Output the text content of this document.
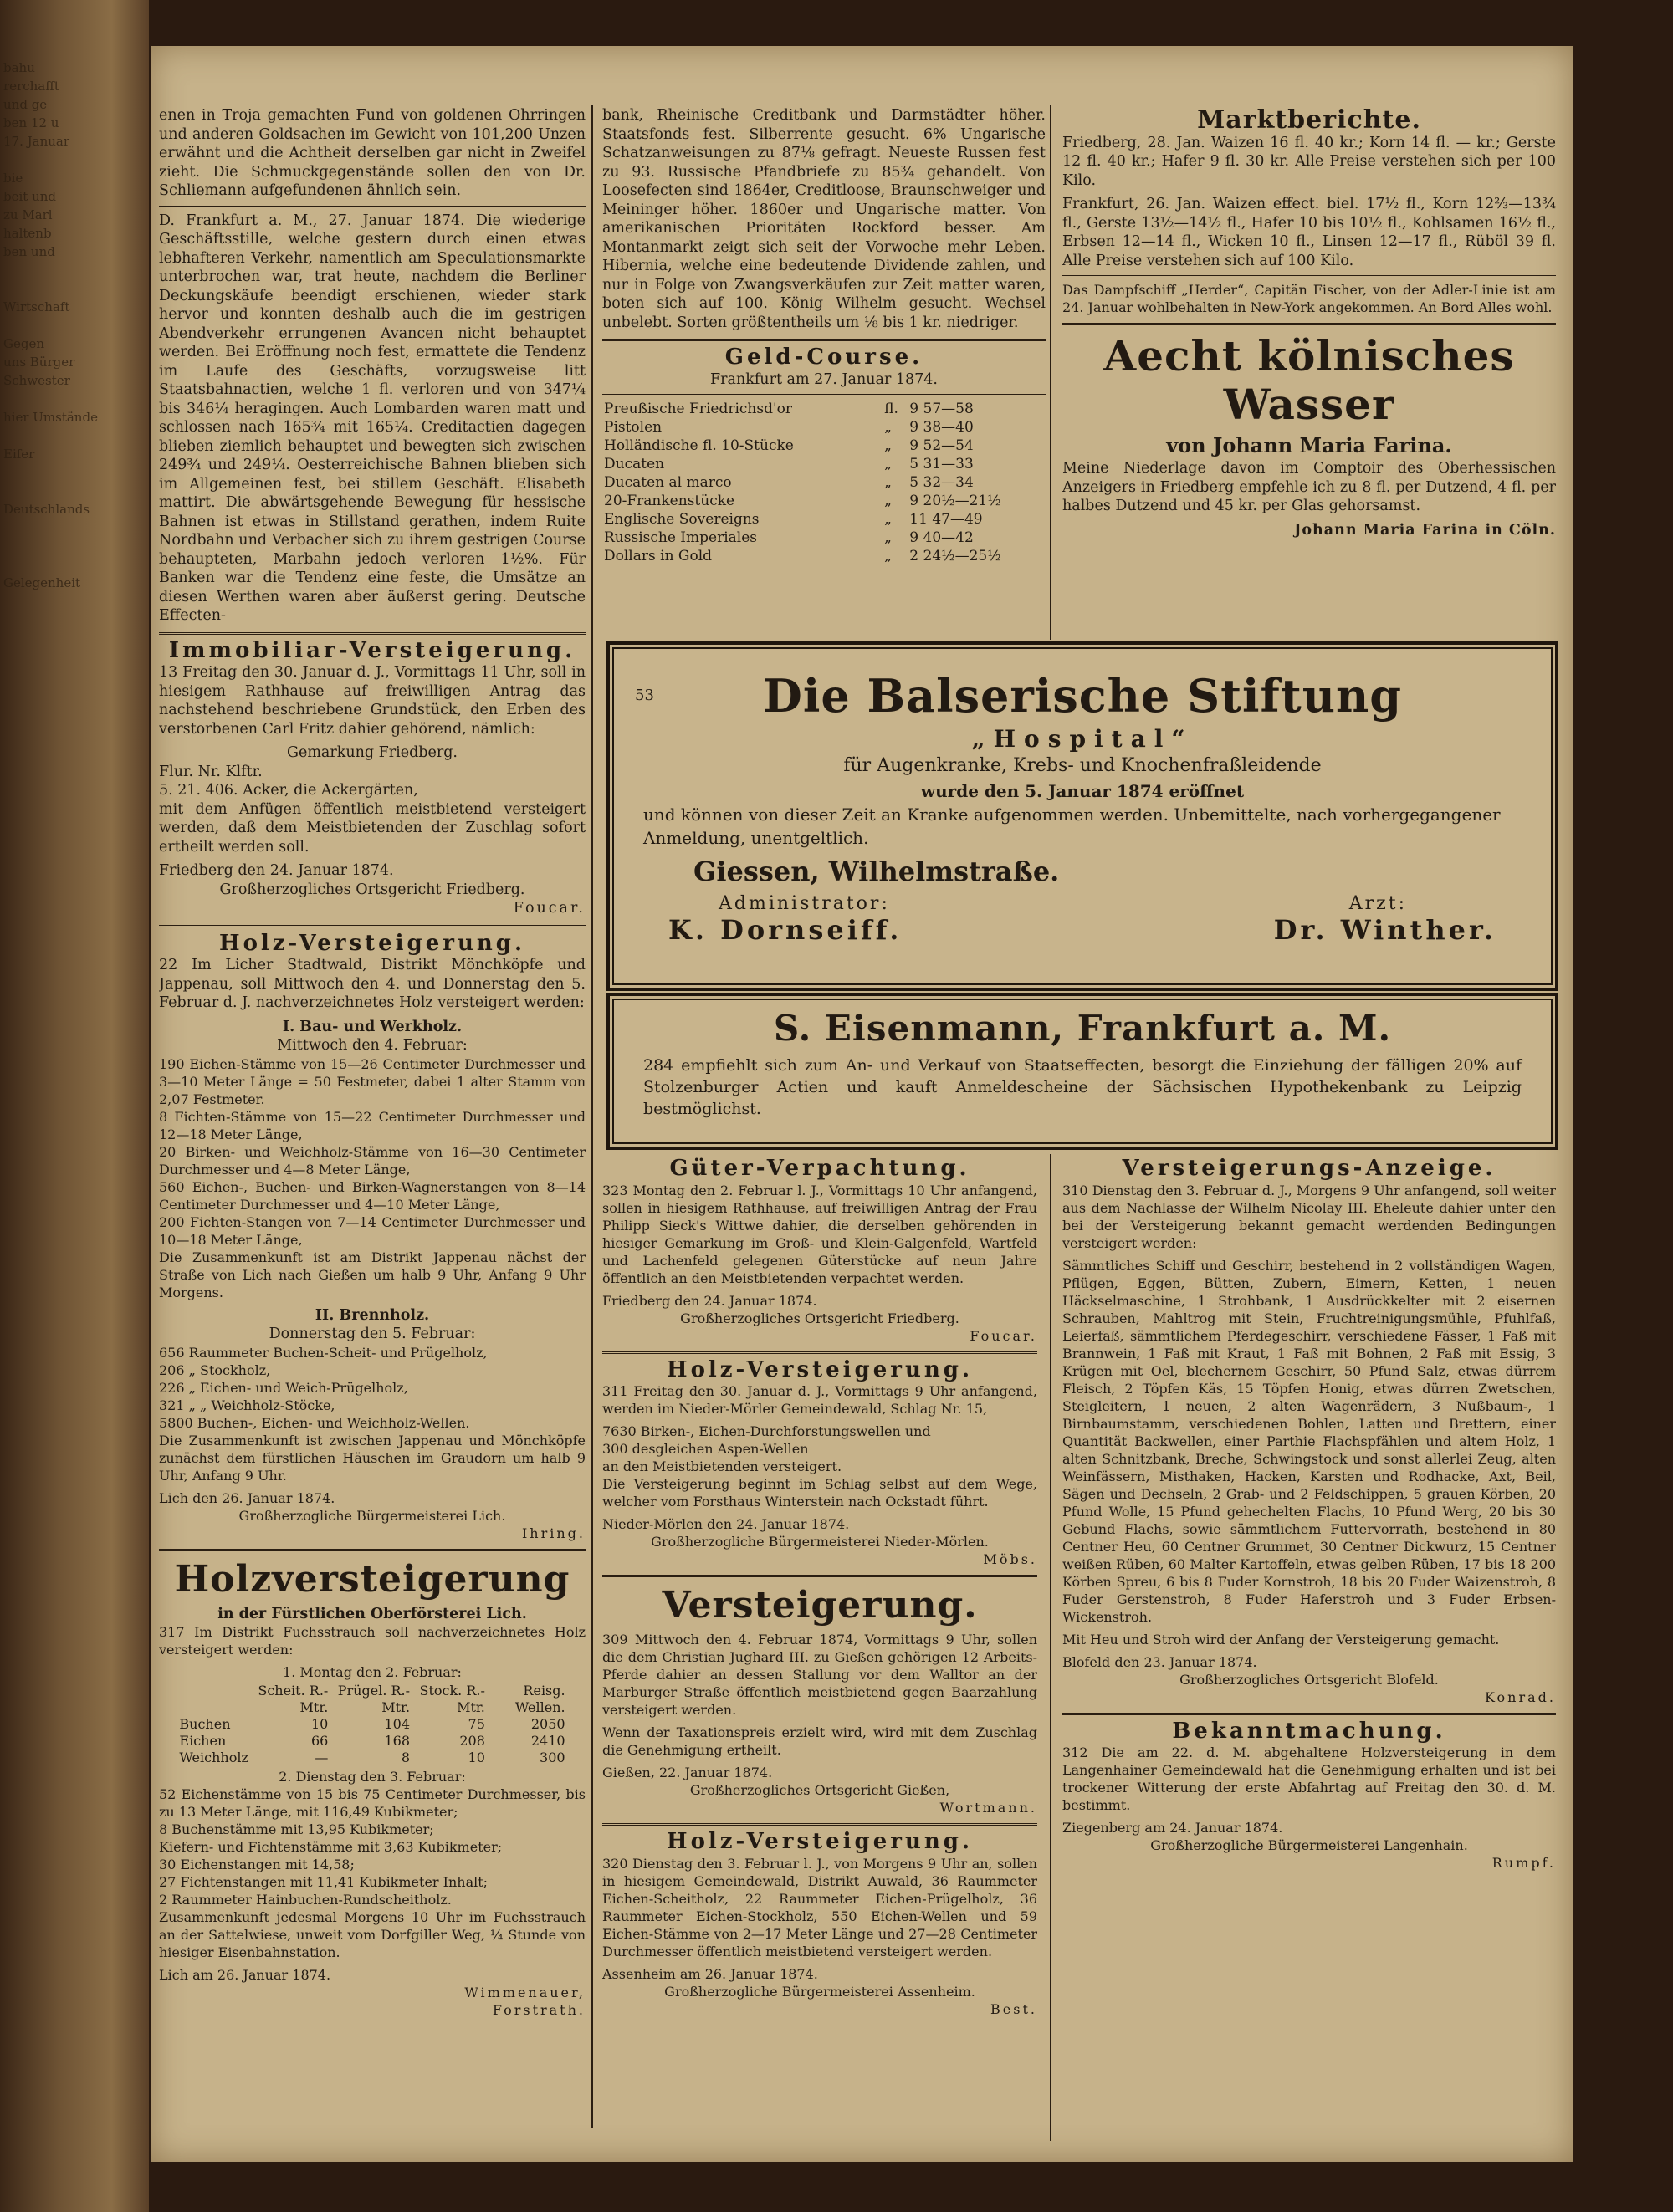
bahu
rerchafft
und ge
ben 12 u
17. Januar

bie
beit und
zu Marl
haltenb
ben und

Wirtschaft

Gegen
uns Bürger
Schwester

hier Umstände

Eifer

Deutschlands

Gelegenheit

enen in Troja gemachten Fund von goldenen Ohrringen und anderen Goldsachen im Gewicht von 101,200 Unzen erwähnt und die Achtheit derselben gar nicht in Zweifel zieht. Die Schmuckgegenstände sollen den von Dr. Schliemann aufgefundenen ähnlich sein.

D. Frankfurt a. M., 27. Januar 1874. Die wiederige Geschäftsstille, welche gestern durch einen etwas lebhafteren Verkehr, namentlich am Speculationsmarkte unterbrochen war, trat heute, nachdem die Berliner Deckungskäufe beendigt erschienen, wieder stark hervor und konnten deshalb auch die im gestrigen Abendverkehr errungenen Avancen nicht behauptet werden. Bei Eröffnung noch fest, ermattete die Tendenz im Laufe des Geschäfts, vorzugsweise litt Staatsbahnactien, welche 1 fl. verloren und von 347¼ bis 346¼ heragingen. Auch Lombarden waren matt und schlossen nach 165¾ mit 165¼. Creditactien dagegen blieben ziemlich behauptet und bewegten sich zwischen 249¾ und 249¼. Oesterreichische Bahnen blieben sich im Allgemeinen fest, bei stillem Geschäft. Elisabeth mattirt. Die abwärtsgehende Bewegung für hessische Bahnen ist etwas in Stillstand gerathen, indem Ruite Nordbahn und Verbacher sich zu ihrem gestrigen Course behaupteten, Marbahn jedoch verloren 1½%. Für Banken war die Tendenz eine feste, die Umsätze an diesen Werthen waren aber äußerst gering. Deutsche Effecten-

Immobiliar-Versteigerung.

13 Freitag den 30. Januar d. J., Vormittags 11 Uhr, soll in hiesigem Rathhause auf freiwilligen Antrag das nachstehend beschriebene Grundstück, den Erben des verstorbenen Carl Fritz dahier gehörend, nämlich:

Gemarkung Friedberg.
Flur. Nr. Klftr.
5. 21. 406. Acker, die Ackergärten,

mit dem Anfügen öffentlich meistbietend versteigert werden, daß dem Meistbietenden der Zuschlag sofort ertheilt werden soll.

Friedberg den 24. Januar 1874.
Großherzogliches Ortsgericht Friedberg.
Foucar.
Holz-Versteigerung.

22 Im Licher Stadtwald, Distrikt Mönchköpfe und Jappenau, soll Mittwoch den 4. und Donnerstag den 5. Februar d. J. nachverzeichnetes Holz versteigert werden:

I. Bau- und Werkholz.
Mittwoch den 4. Februar:
190 Eichen-Stämme von 15—26 Centimeter Durchmesser und 3—10 Meter Länge = 50 Festmeter, dabei 1 alter Stamm von 2,07 Festmeter.
8 Fichten-Stämme von 15—22 Centimeter Durchmesser und 12—18 Meter Länge,
20 Birken- und Weichholz-Stämme von 16—30 Centimeter Durchmesser und 4—8 Meter Länge,
560 Eichen-, Buchen- und Birken-Wagnerstangen von 8—14 Centimeter Durchmesser und 4—10 Meter Länge,
200 Fichten-Stangen von 7—14 Centimeter Durchmesser und 10—18 Meter Länge,

Die Zusammenkunft ist am Distrikt Jappenau nächst der Straße von Lich nach Gießen um halb 9 Uhr, Anfang 9 Uhr Morgens.

II. Brennholz.
Donnerstag den 5. Februar:
656 Raummeter Buchen-Scheit- und Prügelholz,
206 „ Stockholz,
226 „ Eichen- und Weich-Prügelholz,
321 „ „ Weichholz-Stöcke,
5800 Buchen-, Eichen- und Weichholz-Wellen.

Die Zusammenkunft ist zwischen Jappenau und Mönchköpfe zunächst dem fürstlichen Häuschen im Graudorn um halb 9 Uhr, Anfang 9 Uhr.

Lich den 26. Januar 1874.
Großherzogliche Bürgermeisterei Lich.
Ihring.
Holzversteigerung
in der Fürstlichen Oberförsterei Lich.

317 Im Distrikt Fuchsstrauch soll nachverzeichnetes Holz versteigert werden:

1. Montag den 2. Februar:
	Scheit. R.-Mtr.	Prügel. R.-Mtr.	Stock. R.-Mtr.	Reisg. Wellen.
Buchen	10	104	75	2050
Eichen	66	168	208	2410
Weichholz	—	8	10	300
2. Dienstag den 3. Februar:
52 Eichenstämme von 15 bis 75 Centimeter Durchmesser, bis zu 13 Meter Länge, mit 116,49 Kubikmeter;
8 Buchenstämme mit 13,95 Kubikmeter;
Kiefern- und Fichtenstämme mit 3,63 Kubikmeter;
30 Eichenstangen mit 14,58;
27 Fichtenstangen mit 11,41 Kubikmeter Inhalt;
2 Raummeter Hainbuchen-Rundscheitholz.

Zusammenkunft jedesmal Morgens 10 Uhr im Fuchsstrauch an der Sattelwiese, unweit vom Dorfgiller Weg, ¼ Stunde von hiesiger Eisenbahnstation.

Lich am 26. Januar 1874.
Wimmenauer,
Forstrath.

bank, Rheinische Creditbank und Darmstädter höher. Staatsfonds fest. Silberrente gesucht. 6% Ungarische Schatzanweisungen zu 87⅛ gefragt. Neueste Russen fest zu 93. Russische Pfandbriefe zu 85¾ gehandelt. Von Loosefecten sind 1864er, Creditloose, Braunschweiger und Meininger höher. 1860er und Ungarische matter. Von amerikanischen Prioritäten Rockford besser. Am Montanmarkt zeigt sich seit der Vorwoche mehr Leben. Hibernia, welche eine bedeutende Dividende zahlen, und nur in Folge von Zwangsverkäufen zur Zeit matter waren, boten sich auf 100. König Wilhelm gesucht. Wechsel unbelebt. Sorten größtentheils um ⅛ bis 1 kr. niedriger.

Geld-Course.
Frankfurt am 27. Januar 1874.
Preußische Friedrichsd'or	fl.	9 57—58
Pistolen	„	9 38—40
Holländische fl. 10-Stücke	„	9 52—54
Ducaten	„	5 31—33
Ducaten al marco	„	5 32—34
20-Frankenstücke	„	9 20½—21½
Englische Sovereigns	„	11 47—49
Russische Imperiales	„	9 40—42
Dollars in Gold	„	2 24½—25½
Marktberichte.

Friedberg, 28. Jan. Waizen 16 fl. 40 kr.; Korn 14 fl. — kr.; Gerste 12 fl. 40 kr.; Hafer 9 fl. 30 kr. Alle Preise verstehen sich per 100 Kilo.

Frankfurt, 26. Jan. Waizen effect. biel. 17½ fl., Korn 12⅔—13¾ fl., Gerste 13½—14½ fl., Hafer 10 bis 10½ fl., Kohlsamen 16½ fl., Erbsen 12—14 fl., Wicken 10 fl., Linsen 12—17 fl., Rüböl 39 fl. Alle Preise verstehen sich auf 100 Kilo.

Das Dampfschiff „Herder“, Capitän Fischer, von der Adler-Linie ist am 24. Januar wohlbehalten in New-York angekommen. An Bord Alles wohl.

Aecht kölnisches Wasser
von Johann Maria Farina.

Meine Niederlage davon im Comptoir des Oberhessischen Anzeigers in Friedberg empfehle ich zu 8 fl. per Dutzend, 4 fl. per halbes Dutzend und 45 kr. per Glas gehorsamst.

Johann Maria Farina in Cöln.
53	Die Balserische Stiftung
„Hospital“
für Augenkranke, Krebs- und Knochenfraßleidende
wurde den 5. Januar 1874 eröffnet
und können von dieser Zeit an Kranke aufgenommen werden. Unbemittelte, nach vorhergegangener Anmeldung, unentgeltlich.
Giessen, Wilhelmstraße.
Administrator:
K. Dornseiff.
Arzt:
Dr. Winther.
S. Eisenmann, Frankfurt a. M.

284 empfiehlt sich zum An- und Verkauf von Staatseffecten, besorgt die Einziehung der fälligen 20% auf Stolzenburger Actien und kauft Anmeldescheine der Sächsischen Hypothekenbank zu Leipzig bestmöglichst.

Güter-Verpachtung.

323 Montag den 2. Februar l. J., Vormittags 10 Uhr anfangend, sollen in hiesigem Rathhause, auf freiwilligen Antrag der Frau Philipp Sieck's Wittwe dahier, die derselben gehörenden in hiesiger Gemarkung im Groß- und Klein-Galgenfeld, Wartfeld und Lachenfeld gelegenen Güterstücke auf neun Jahre öffentlich an den Meistbietenden verpachtet werden.

Friedberg den 24. Januar 1874.
Großherzogliches Ortsgericht Friedberg.
Foucar.
Holz-Versteigerung.

311 Freitag den 30. Januar d. J., Vormittags 9 Uhr anfangend, werden im Nieder-Mörler Gemeindewald, Schlag Nr. 15,

7630 Birken-, Eichen-Durchforstungswellen und
300 desgleichen Aspen-Wellen
an den Meistbietenden versteigert.

Die Versteigerung beginnt im Schlag selbst auf dem Wege, welcher vom Forsthaus Winterstein nach Ockstadt führt.

Nieder-Mörlen den 24. Januar 1874.
Großherzogliche Bürgermeisterei Nieder-Mörlen.
Möbs.
Versteigerung.

309 Mittwoch den 4. Februar 1874, Vormittags 9 Uhr, sollen die dem Christian Jughard III. zu Gießen gehörigen 12 Arbeits-Pferde dahier an dessen Stallung vor dem Walltor an der Marburger Straße öffentlich meistbietend gegen Baarzahlung versteigert werden.

Wenn der Taxationspreis erzielt wird, wird mit dem Zuschlag die Genehmigung ertheilt.

Gießen, 22. Januar 1874.
Großherzogliches Ortsgericht Gießen,
Wortmann.
Holz-Versteigerung.

320 Dienstag den 3. Februar l. J., von Morgens 9 Uhr an, sollen in hiesigem Gemeindewald, Distrikt Auwald, 36 Raummeter Eichen-Scheitholz, 22 Raummeter Eichen-Prügelholz, 36 Raummeter Eichen-Stockholz, 550 Eichen-Wellen und 59 Eichen-Stämme von 2—17 Meter Länge und 27—28 Centimeter Durchmesser öffentlich meistbietend versteigert werden.

Assenheim am 26. Januar 1874.
Großherzogliche Bürgermeisterei Assenheim.
Best.
Versteigerungs-Anzeige.

310 Dienstag den 3. Februar d. J., Morgens 9 Uhr anfangend, soll weiter aus dem Nachlasse der Wilhelm Nicolay III. Eheleute dahier unter den bei der Versteigerung bekannt gemacht werdenden Bedingungen versteigert werden:

Sämmtliches Schiff und Geschirr, bestehend in 2 vollständigen Wagen, Pflügen, Eggen, Bütten, Zubern, Eimern, Ketten, 1 neuen Häckselmaschine, 1 Strohbank, 1 Ausdrückkelter mit 2 eisernen Schrauben, Mahltrog mit Stein, Fruchtreinigungsmühle, Pfuhlfaß, Leierfaß, sämmtlichem Pferdegeschirr, verschiedene Fässer, 1 Faß mit Brannwein, 1 Faß mit Kraut, 1 Faß mit Bohnen, 2 Faß mit Essig, 3 Krügen mit Oel, blechernem Geschirr, 50 Pfund Salz, etwas dürrem Fleisch, 2 Töpfen Käs, 15 Töpfen Honig, etwas dürren Zwetschen, Steigleitern, 1 neuen, 2 alten Wagenrädern, 3 Nußbaum-, 1 Birnbaumstamm, verschiedenen Bohlen, Latten und Brettern, einer Quantität Backwellen, einer Parthie Flachspfählen und altem Holz, 1 alten Schnitzbank, Breche, Schwingstock und sonst allerlei Zeug, alten Weinfässern, Misthaken, Hacken, Karsten und Rodhacke, Axt, Beil, Sägen und Dechseln, 2 Grab- und 2 Feldschippen, 5 grauen Körben, 20 Pfund Wolle, 15 Pfund gehechelten Flachs, 10 Pfund Werg, 20 bis 30 Gebund Flachs, sowie sämmtlichem Futtervorrath, bestehend in 80 Centner Heu, 60 Centner Grummet, 30 Centner Dickwurz, 15 Centner weißen Rüben, 60 Malter Kartoffeln, etwas gelben Rüben, 17 bis 18 200 Körben Spreu, 6 bis 8 Fuder Kornstroh, 18 bis 20 Fuder Waizenstroh, 8 Fuder Gerstenstroh, 8 Fuder Haferstroh und 3 Fuder Erbsen-Wickenstroh.

Mit Heu und Stroh wird der Anfang der Versteigerung gemacht.

Blofeld den 23. Januar 1874.
Großherzogliches Ortsgericht Blofeld.
Konrad.
Bekanntmachung.

312 Die am 22. d. M. abgehaltene Holzversteigerung in dem Langenhainer Gemeindewald hat die Genehmigung erhalten und ist bei trockener Witterung der erste Abfahrtag auf Freitag den 30. d. M. bestimmt.

Ziegenberg am 24. Januar 1874.
Großherzogliche Bürgermeisterei Langenhain.
Rumpf.
